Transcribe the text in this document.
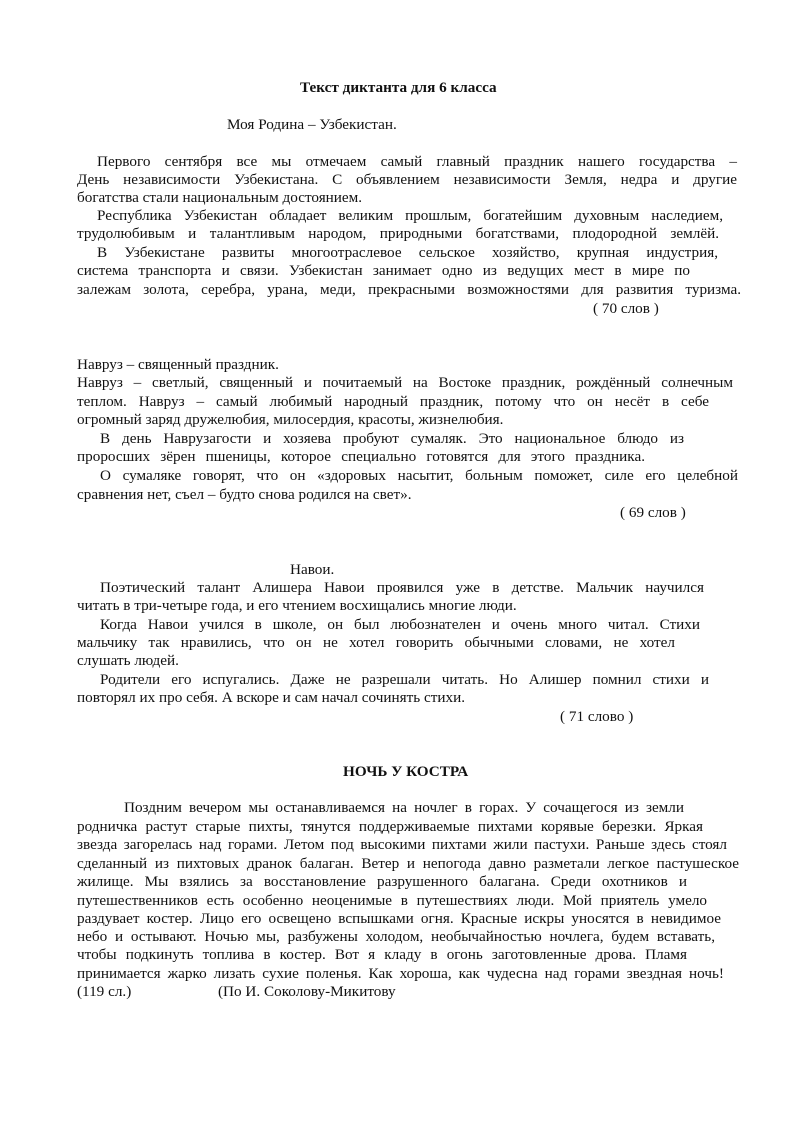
Текст диктанта для 6 класса
Моя Родина – Узбекистан.
Первого сентября все мы отмечаем самый главный праздник нашего государства –
День независимости Узбекистана. С объявлением независимости Земля, недра и другие
богатства стали национальным достоянием.
Республика Узбекистан обладает великим прошлым, богатейшим духовным наследием,
трудолюбивым и талантливым народом, природными богатствами, плодородной землёй.
В Узбекистане развиты многоотраслевое сельское хозяйство, крупная индустрия,
система транспорта и связи. Узбекистан занимает одно из ведущих мест в мире по
залежам золота, серебра, урана, меди, прекрасными возможностями для развития туризма.
( 70 слов )
Навруз – священный праздник.
Навруз – светлый, священный и почитаемый на Востоке праздник, рождённый солнечным
теплом. Навруз – самый любимый народный праздник, потому что он несёт в себе
огромный заряд дружелюбия, милосердия, красоты, жизнелюбия.
В день Наврузагости и хозяева пробуют сумаляк. Это национальное блюдо из
проросших зёрен пшеницы, которое специально готовятся для этого праздника.
О сумаляке говорят, что он «здоровых насытит, больным поможет, силе его целебной
сравнения нет, съел – будто снова родился на свет».
( 69 слов )
Навои.
Поэтический талант Алишера Навои проявился уже в детстве. Мальчик научился
читать в три-четыре года, и его чтением восхищались многие люди.
Когда Навои учился в школе, он был любознателен и очень много читал. Стихи
мальчику так нравились, что он не хотел говорить обычными словами, не хотел
слушать людей.
Родители его испугались. Даже не разрешали читать. Но Алишер помнил стихи и
повторял их про себя. А вскоре и сам начал сочинять стихи.
( 71 слово )
НОЧЬ У КОСТРА
Поздним вечером мы останавливаемся на ночлег в горах. У сочащегося из земли
родничка растут старые пихты, тянутся поддерживаемые пихтами корявые березки. Яркая
звезда загорелась над горами. Летом под высокими пихтами жили пастухи. Раньше здесь стоял
сделанный из пихтовых дранок балаган. Ветер и непогода давно разметали легкое пастушеское
жилище. Мы взялись за восстановление разрушенного балагана. Среди охотников и
путешественников есть особенно неоценимые в путешествиях люди. Мой приятель умело
раздувает костер. Лицо его освещено вспышками огня. Красные искры уносятся в невидимое
небо и остывают. Ночью мы, разбужены холодом, необычайностью ночлега, будем вставать,
чтобы подкинуть топлива в костер. Вот я кладу в огонь заготовленные дрова. Пламя
принимается жарко лизать сухие поленья. Как хороша, как чудесна над горами звездная ночь!
(119 сл.)	(По И. Соколову-Микитову
